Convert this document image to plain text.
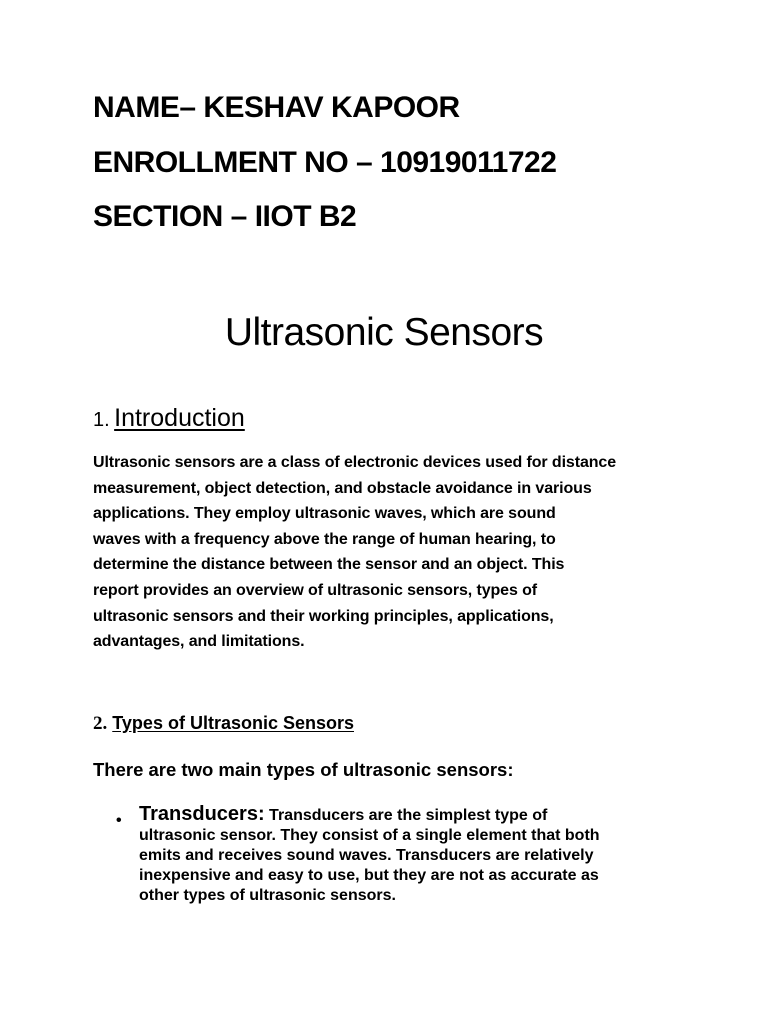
NAME– KESHAV KAPOOR
ENROLLMENT NO – 10919011722
SECTION – IIOT B2
Ultrasonic Sensors
1. Introduction
Ultrasonic sensors are a class of electronic devices used for distance
measurement, object detection, and obstacle avoidance in various
applications. They employ ultrasonic waves, which are sound
waves with a frequency above the range of human hearing, to
determine the distance between the sensor and an object. This
report provides an overview of ultrasonic sensors, types of
ultrasonic sensors and their working principles, applications,
advantages, and limitations.
2. Types of Ultrasonic Sensors
There are two main types of ultrasonic sensors:
• Transducers: Transducers are the simplest type of
ultrasonic sensor. They consist of a single element that both
emits and receives sound waves. Transducers are relatively
inexpensive and easy to use, but they are not as accurate as
other types of ultrasonic sensors.
